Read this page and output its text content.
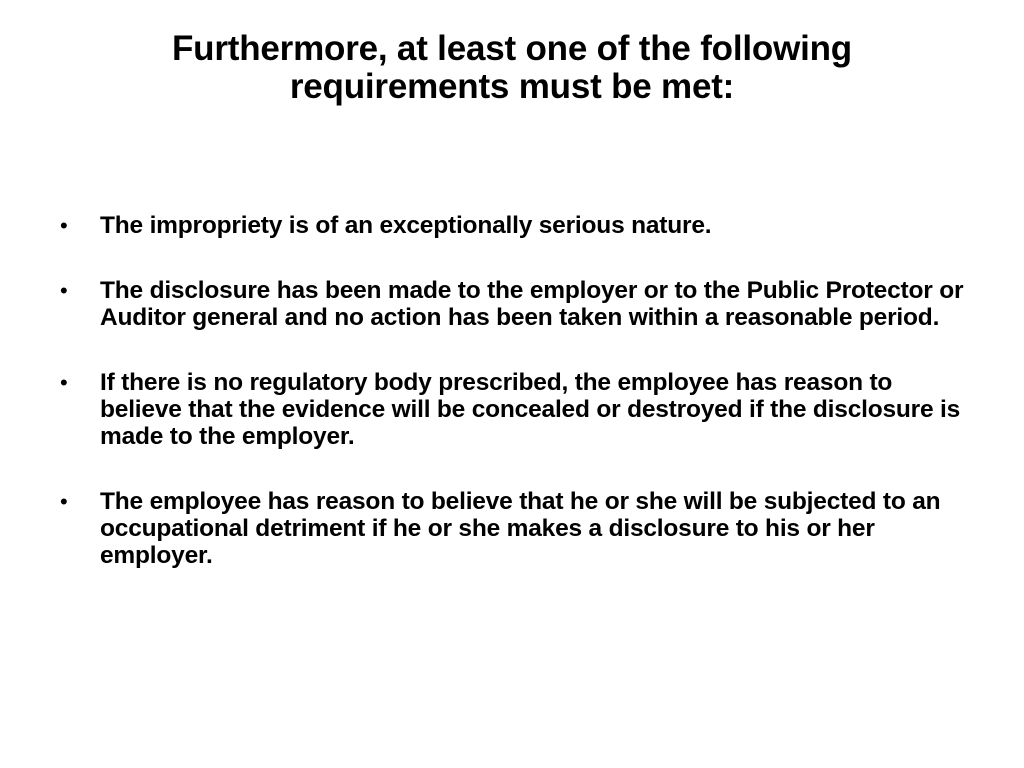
Furthermore, at least one of the following
requirements must be met:
• The impropriety is of an exceptionally serious nature.
• The disclosure has been made to the employer or to the Public Protector or Auditor general and no action has been taken within a reasonable period.
• If there is no regulatory body prescribed, the employee has reason to believe that the evidence will be concealed or destroyed if the disclosure is made to the employer.
• The employee has reason to believe that he or she will be subjected to an occupational detriment if he or she makes a disclosure to his or her employer.
